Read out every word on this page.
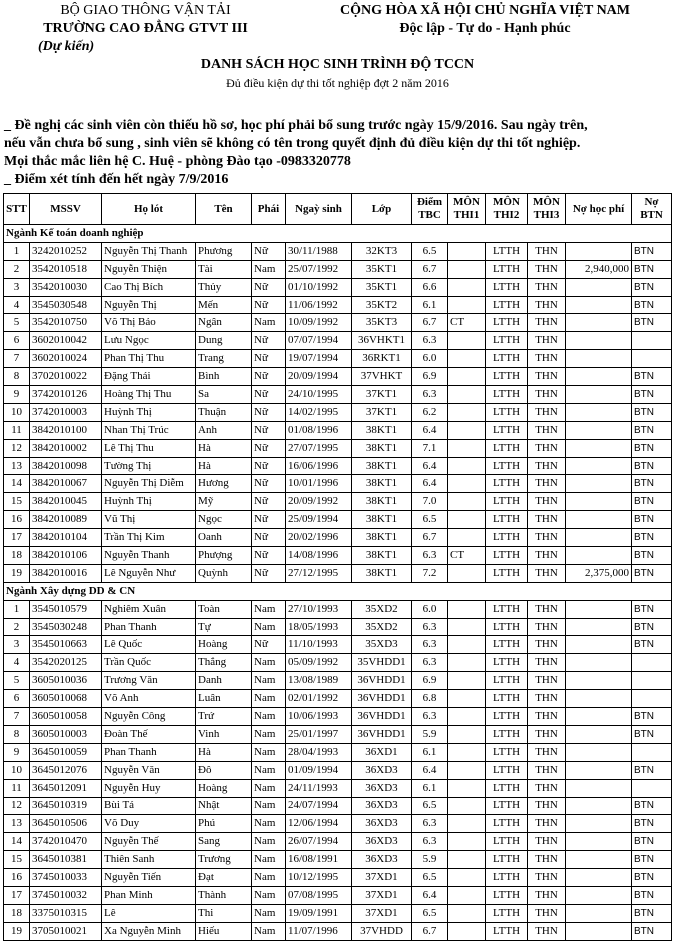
BỘ GIAO THÔNG VẬN TẢI
TRƯỜNG CAO ĐẲNG GTVT III
(Dự kiến)
CỘNG HÒA XÃ HỘI CHỦ NGHĨA VIỆT NAM
Độc lập - Tự do - Hạnh phúc
DANH SÁCH HỌC SINH TRÌNH ĐỘ TCCN
Đủ điều kiện dự thi tốt nghiệp đợt 2 năm 2016
_ Đề nghị các sinh viên còn thiếu hồ sơ, học phí phải bổ sung trước ngày 15/9/2016. Sau ngày trên,
nếu vẫn chưa bổ sung , sinh viên sẽ không có tên trong quyết định đủ điều kiện dự thi tốt nghiệp.
Mọi thắc mắc liên hệ C. Huệ - phòng Đào tạo -0983320778
_ Điểm xét tính đến hết ngày 7/9/2016
STT	MSSV	Họ lót	Tên	Phái	Ngaỳ sinh	Lớp	Điểm TBC	MÔN THI1	MÔN THI2	MÔN THI3	Nợ học phí	Nợ BTN
Ngành Kế toán doanh nghiệp												
1	3242010252	Nguyễn Thị Thanh	Phương	Nữ	30/11/1988	32KT3	6.5		LTTH	THN		BTN
2	3542010518	Nguyễn Thiện	Tài	Nam	25/07/1992	35KT1	6.7		LTTH	THN	2,940,000	BTN
3	3542010030	Cao Thị Bích	Thủy	Nữ	01/10/1992	35KT1	6.6		LTTH	THN		BTN
4	3545030548	Nguyễn Thị	Mến	Nữ	11/06/1992	35KT2	6.1		LTTH	THN		BTN
5	3542010750	Võ Thị Bảo	Ngân	Nam	10/09/1992	35KT3	6.7	CT	LTTH	THN		BTN
6	3602010042	Lưu Ngọc	Dung	Nữ	07/07/1994	36VHKT1	6.3		LTTH	THN		
7	3602010024	Phan Thị Thu	Trang	Nữ	19/07/1994	36RKT1	6.0		LTTH	THN		
8	3702010022	Đặng Thái	Bình	Nữ	20/09/1994	37VHKT	6.9		LTTH	THN		BTN
9	3742010126	Hoàng Thị Thu	Sa	Nữ	24/10/1995	37KT1	6.3		LTTH	THN		BTN
10	3742010003	Huỳnh Thị	Thuận	Nữ	14/02/1995	37KT1	6.2		LTTH	THN		BTN
11	3842010100	Nhan Thị Trúc	Anh	Nữ	01/08/1996	38KT1	6.4		LTTH	THN		BTN
12	3842010002	Lê Thị Thu	Hà	Nữ	27/07/1995	38KT1	7.1		LTTH	THN		BTN
13	3842010098	Tường Thị	Hà	Nữ	16/06/1996	38KT1	6.4		LTTH	THN		BTN
14	3842010067	Nguyễn Thị Diễm	Hương	Nữ	10/01/1996	38KT1	6.4		LTTH	THN		BTN
15	3842010045	Huỳnh Thị	Mỹ	Nữ	20/09/1992	38KT1	7.0		LTTH	THN		BTN
16	3842010089	Vũ Thị	Ngọc	Nữ	25/09/1994	38KT1	6.5		LTTH	THN		BTN
17	3842010104	Trần Thị Kim	Oanh	Nữ	20/02/1996	38KT1	6.7		LTTH	THN		BTN
18	3842010106	Nguyễn Thanh	Phượng	Nữ	14/08/1996	38KT1	6.3	CT	LTTH	THN		BTN
19	3842010016	Lê Nguyễn Như	Quỳnh	Nữ	27/12/1995	38KT1	7.2		LTTH	THN	2,375,000	BTN
Ngành Xây dựng DD & CN												
1	3545010579	Nghiêm Xuân	Toàn	Nam	27/10/1993	35XD2	6.0		LTTH	THN		BTN
2	3545030248	Phan Thanh	Tự	Nam	18/05/1993	35XD2	6.3		LTTH	THN		BTN
3	3545010663	Lê Quốc	Hoàng	Nữ	11/10/1993	35XD3	6.3		LTTH	THN		BTN
4	3542020125	Trần Quốc	Thắng	Nam	05/09/1992	35VHDD1	6.3		LTTH	THN		
5	3605010036	Trương Văn	Danh	Nam	13/08/1989	36VHDD1	6.9		LTTH	THN		
6	3605010068	Võ Anh	Luân	Nam	02/01/1992	36VHDD1	6.8		LTTH	THN		
7	3605010058	Nguyễn Công	Trứ	Nam	10/06/1993	36VHDD1	6.3		LTTH	THN		BTN
8	3605010003	Đoàn Thế	Vinh	Nam	25/01/1997	36VHDD1	5.9		LTTH	THN		BTN
9	3645010059	Phan Thanh	Hà	Nam	28/04/1993	36XD1	6.1		LTTH	THN		
10	3645012076	Nguyễn Văn	Đô	Nam	01/09/1994	36XD3	6.4		LTTH	THN		BTN
11	3645012091	Nguyễn Huy	Hoàng	Nam	24/11/1993	36XD3	6.1		LTTH	THN		
12	3645010319	Bùi Tá	Nhật	Nam	24/07/1994	36XD3	6.5		LTTH	THN		BTN
13	3645010506	Võ Duy	Phú	Nam	12/06/1994	36XD3	6.3		LTTH	THN		BTN
14	3742010470	Nguyễn Thế	Sang	Nam	26/07/1994	36XD3	6.3		LTTH	THN		BTN
15	3645010381	Thiên Sanh	Trương	Nam	16/08/1991	36XD3	5.9		LTTH	THN		BTN
16	3745010033	Nguyễn Tiến	Đạt	Nam	10/12/1995	37XD1	6.5		LTTH	THN		BTN
17	3745010032	Phan Minh	Thành	Nam	07/08/1995	37XD1	6.4		LTTH	THN		BTN
18	3375010315	Lê	Thi	Nam	19/09/1991	37XD1	6.5		LTTH	THN		BTN
19	3705010021	Xa Nguyễn Minh	Hiếu	Nam	11/07/1996	37VHDD	6.7		LTTH	THN		BTN
